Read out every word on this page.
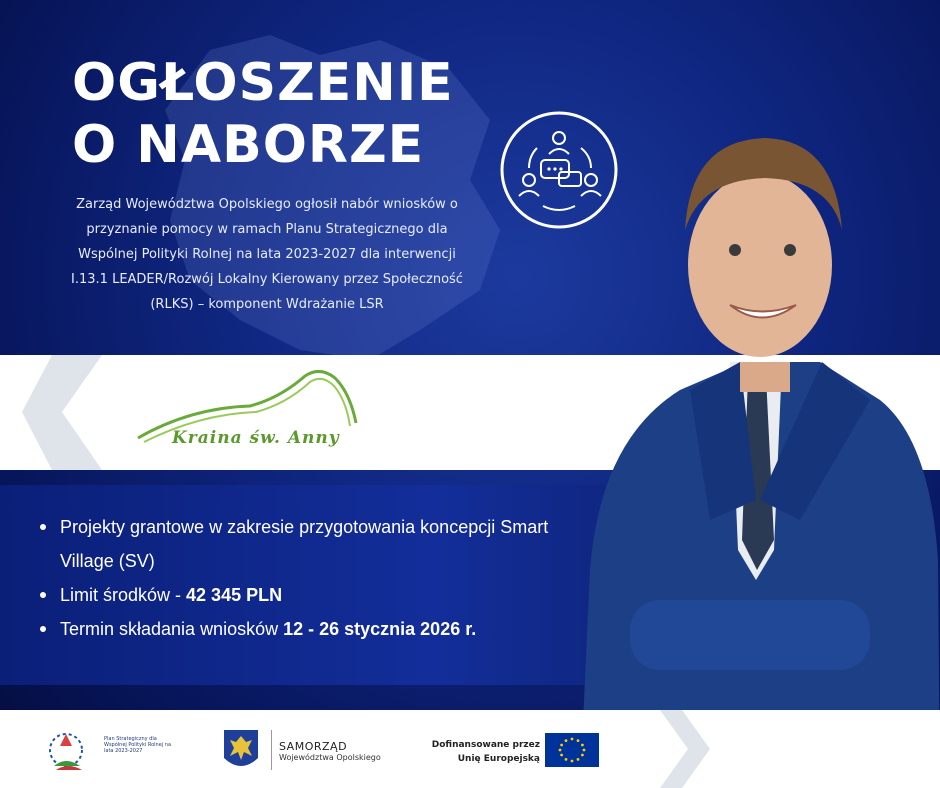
OGŁOSZENIE
O NABORZE

Zarząd Województwa Opolskiego ogłosił nabór wniosków o przyznanie pomocy w ramach Planu Strategicznego dla Wspólnej Polityki Rolnej na lata 2023-2027 dla interwencji I.13.1 LEADER/Rozwój Lokalny Kierowany przez Społeczność (RLKS) – komponent Wdrażanie LSR

Kraina św. Anny
Projekty grantowe w zakresie przygotowania koncepcji Smart Village (SV)
Limit środków - 42 345 PLN
Termin składania wniosków 12 - 26 stycznia 2026 r.
Plan Strategiczny dla Wspólnej Polityki Rolnej na lata 2023-2027	SAMORZĄD
Województwa Opolskiego
Dofinansowane przez
Unię Europejską
